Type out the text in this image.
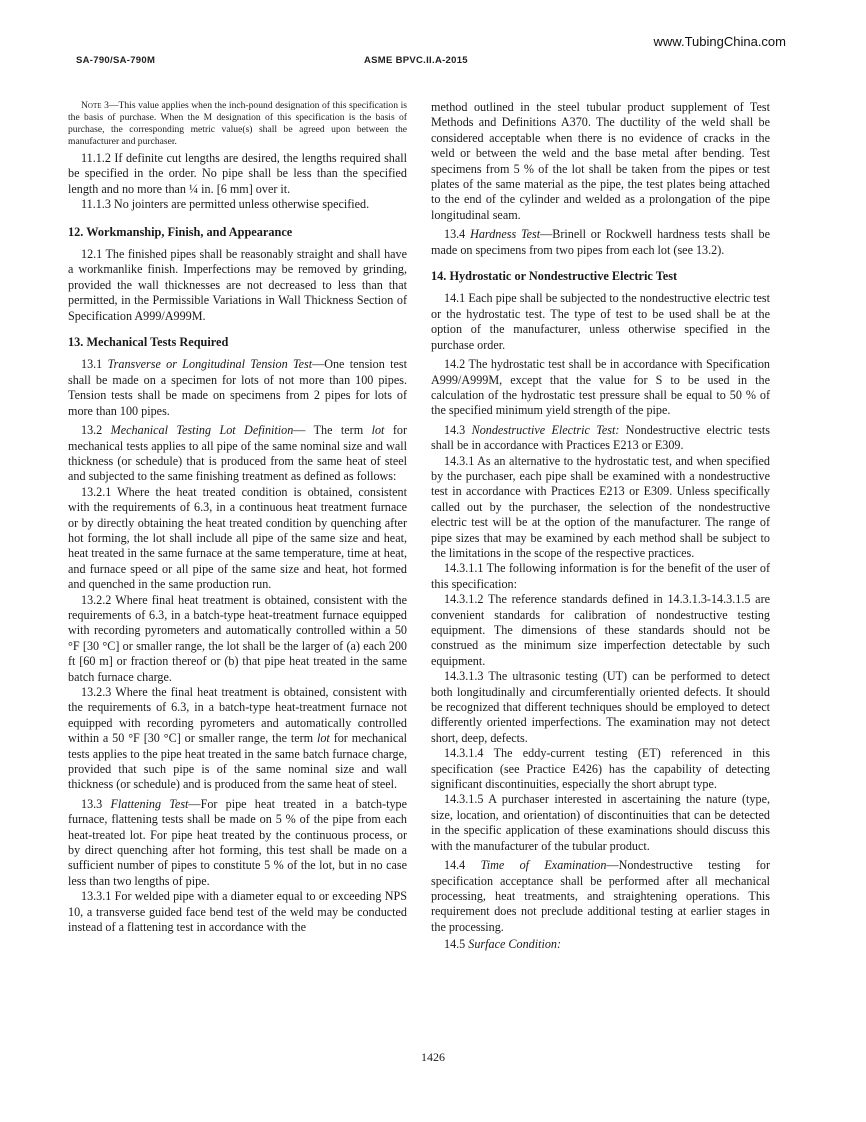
www.TubingChina.com
SA-790/SA-790M	ASME BPVC.II.A-2015

Note 3—This value applies when the inch-pound designation of this specification is the basis of purchase. When the M designation of this specification is the basis of purchase, the corresponding metric value(s) shall be agreed upon between the manufacturer and purchaser.

11.1.2 If definite cut lengths are desired, the lengths required shall be specified in the order. No pipe shall be less than the specified length and no more than ¼ in. [6 mm] over it.

11.1.3 No jointers are permitted unless otherwise specified.

12. Workmanship, Finish, and Appearance

12.1 The finished pipes shall be reasonably straight and shall have a workmanlike finish. Imperfections may be removed by grinding, provided the wall thicknesses are not decreased to less than that permitted, in the Permissible Variations in Wall Thickness Section of Specification A999/A999M.

13. Mechanical Tests Required

13.1 Transverse or Longitudinal Tension Test—One tension test shall be made on a specimen for lots of not more than 100 pipes. Tension tests shall be made on specimens from 2 pipes for lots of more than 100 pipes.

13.2 Mechanical Testing Lot Definition— The term lot for mechanical tests applies to all pipe of the same nominal size and wall thickness (or schedule) that is produced from the same heat of steel and subjected to the same finishing treatment as defined as follows:

13.2.1 Where the heat treated condition is obtained, consistent with the requirements of 6.3, in a continuous heat treatment furnace or by directly obtaining the heat treated condition by quenching after hot forming, the lot shall include all pipe of the same size and heat, heat treated in the same furnace at the same temperature, time at heat, and furnace speed or all pipe of the same size and heat, hot formed and quenched in the same production run.

13.2.2 Where final heat treatment is obtained, consistent with the requirements of 6.3, in a batch-type heat-treatment furnace equipped with recording pyrometers and automatically controlled within a 50 °F [30 °C] or smaller range, the lot shall be the larger of (a) each 200 ft [60 m] or fraction thereof or (b) that pipe heat treated in the same batch furnace charge.

13.2.3 Where the final heat treatment is obtained, consistent with the requirements of 6.3, in a batch-type heat-treatment furnace not equipped with recording pyrometers and automatically controlled within a 50 °F [30 °C] or smaller range, the term lot for mechanical tests applies to the pipe heat treated in the same batch furnace charge, provided that such pipe is of the same nominal size and wall thickness (or schedule) and is produced from the same heat of steel.

13.3 Flattening Test—For pipe heat treated in a batch-type furnace, flattening tests shall be made on 5 % of the pipe from each heat-treated lot. For pipe heat treated by the continuous process, or by direct quenching after hot forming, this test shall be made on a sufficient number of pipes to constitute 5 % of the lot, but in no case less than two lengths of pipe.

13.3.1 For welded pipe with a diameter equal to or exceeding NPS 10, a transverse guided face bend test of the weld may be conducted instead of a flattening test in accordance with the

method outlined in the steel tubular product supplement of Test Methods and Definitions A370. The ductility of the weld shall be considered acceptable when there is no evidence of cracks in the weld or between the weld and the base metal after bending. Test specimens from 5 % of the lot shall be taken from the pipes or test plates of the same material as the pipe, the test plates being attached to the end of the cylinder and welded as a prolongation of the pipe longitudinal seam.

13.4 Hardness Test—Brinell or Rockwell hardness tests shall be made on specimens from two pipes from each lot (see 13.2).

14. Hydrostatic or Nondestructive Electric Test

14.1 Each pipe shall be subjected to the nondestructive electric test or the hydrostatic test. The type of test to be used shall be at the option of the manufacturer, unless otherwise specified in the purchase order.

14.2 The hydrostatic test shall be in accordance with Specification A999/A999M, except that the value for S to be used in the calculation of the hydrostatic test pressure shall be equal to 50 % of the specified minimum yield strength of the pipe.

14.3 Nondestructive Electric Test: Nondestructive electric tests shall be in accordance with Practices E213 or E309.

14.3.1 As an alternative to the hydrostatic test, and when specified by the purchaser, each pipe shall be examined with a nondestructive test in accordance with Practices E213 or E309. Unless specifically called out by the purchaser, the selection of the nondestructive electric test will be at the option of the manufacturer. The range of pipe sizes that may be examined by each method shall be subject to the limitations in the scope of the respective practices.

14.3.1.1 The following information is for the benefit of the user of this specification:

14.3.1.2 The reference standards defined in 14.3.1.3-14.3.1.5 are convenient standards for calibration of nondestructive testing equipment. The dimensions of these standards should not be construed as the minimum size imperfection detectable by such equipment.

14.3.1.3 The ultrasonic testing (UT) can be performed to detect both longitudinally and circumferentially oriented defects. It should be recognized that different techniques should be employed to detect differently oriented imperfections. The examination may not detect short, deep, defects.

14.3.1.4 The eddy-current testing (ET) referenced in this specification (see Practice E426) has the capability of detecting significant discontinuities, especially the short abrupt type.

14.3.1.5 A purchaser interested in ascertaining the nature (type, size, location, and orientation) of discontinuities that can be detected in the specific application of these examinations should discuss this with the manufacturer of the tubular product.

14.4 Time of Examination—Nondestructive testing for specification acceptance shall be performed after all mechanical processing, heat treatments, and straightening operations. This requirement does not preclude additional testing at earlier stages in the processing.

14.5 Surface Condition:

1426
